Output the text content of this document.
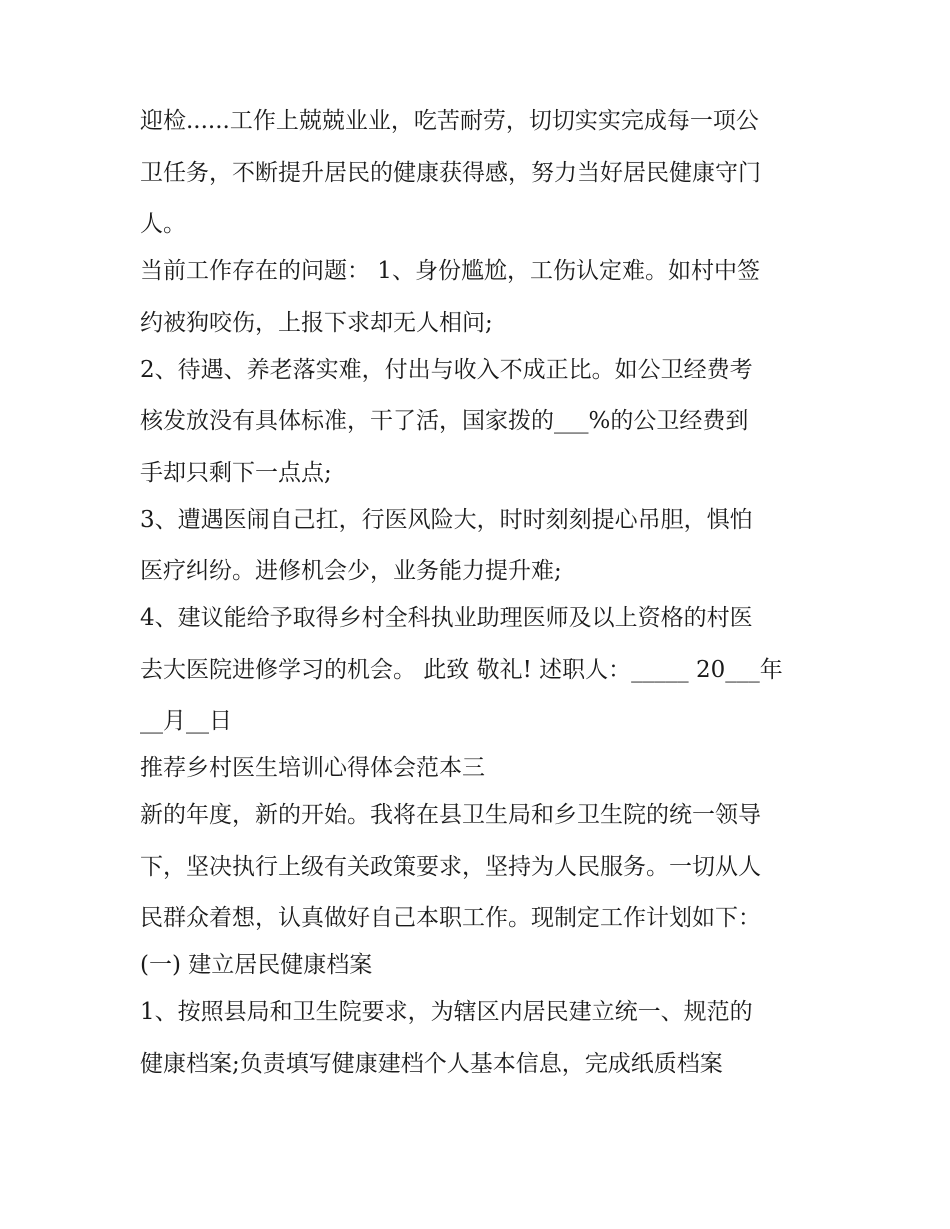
迎检......工作上兢兢业业，吃苦耐劳，切切实实完成每一项公
卫任务，不断提升居民的健康获得感，努力当好居民健康守门
人。
当前工作存在的问题： 1、身份尴尬，工伤认定难。如村中签
约被狗咬伤，上报下求却无人相问;
2、待遇、养老落实难，付出与收入不成正比。如公卫经费考
核发放没有具体标准，干了活，国家拨的___%的公卫经费到
手却只剩下一点点;
3、遭遇医闹自己扛，行医风险大，时时刻刻提心吊胆，惧怕
医疗纠纷。进修机会少，业务能力提升难;
4、建议能给予取得乡村全科执业助理医师及以上资格的村医
去大医院进修学习的机会。 此致 敬礼! 述职人：_____ 20___年
__月__日
推荐乡村医生培训心得体会范本三
新的年度，新的开始。我将在县卫生局和乡卫生院的统一领导
下，坚决执行上级有关政策要求，坚持为人民服务。一切从人
民群众着想，认真做好自己本职工作。现制定工作计划如下：
(一) 建立居民健康档案
1、按照县局和卫生院要求，为辖区内居民建立统一、规范的
健康档案;负责填写健康建档个人基本信息，完成纸质档案
